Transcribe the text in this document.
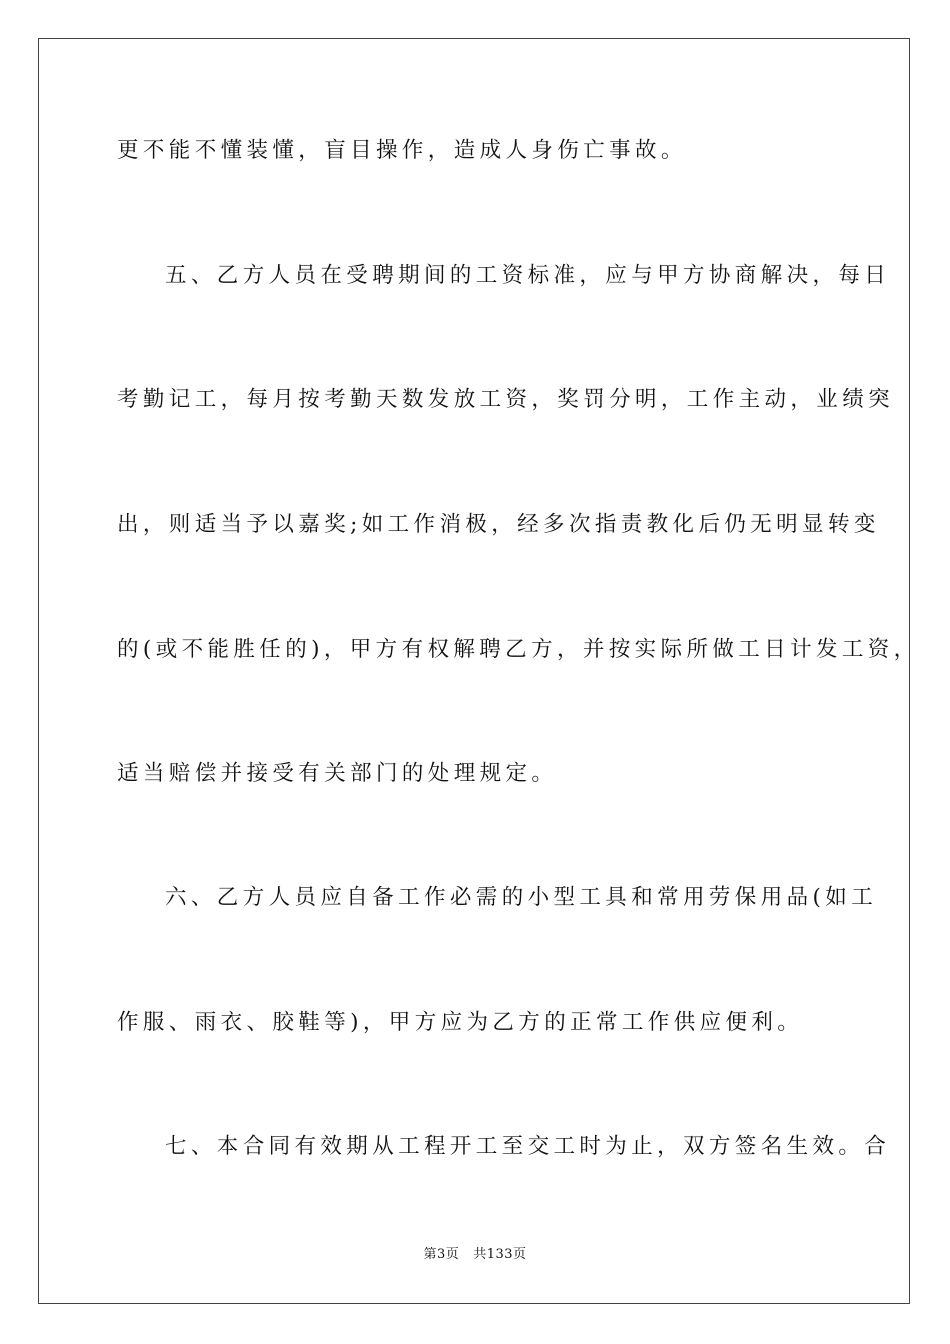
更不能不懂装懂，盲目操作，造成人身伤亡事故。
五、乙方人员在受聘期间的工资标准，应与甲方协商解决，每日
考勤记工，每月按考勤天数发放工资，奖罚分明，工作主动，业绩突
出，则适当予以嘉奖;如工作消极，经多次指责教化后仍无明显转变
的(或不能胜任的)，甲方有权解聘乙方，并按实际所做工日计发工资，
适当赔偿并接受有关部门的处理规定。
六、乙方人员应自备工作必需的小型工具和常用劳保用品(如工
作服、雨衣、胶鞋等)，甲方应为乙方的正常工作供应便利。
七、本合同有效期从工程开工至交工时为止，双方签名生效。合
第3页 共133页
